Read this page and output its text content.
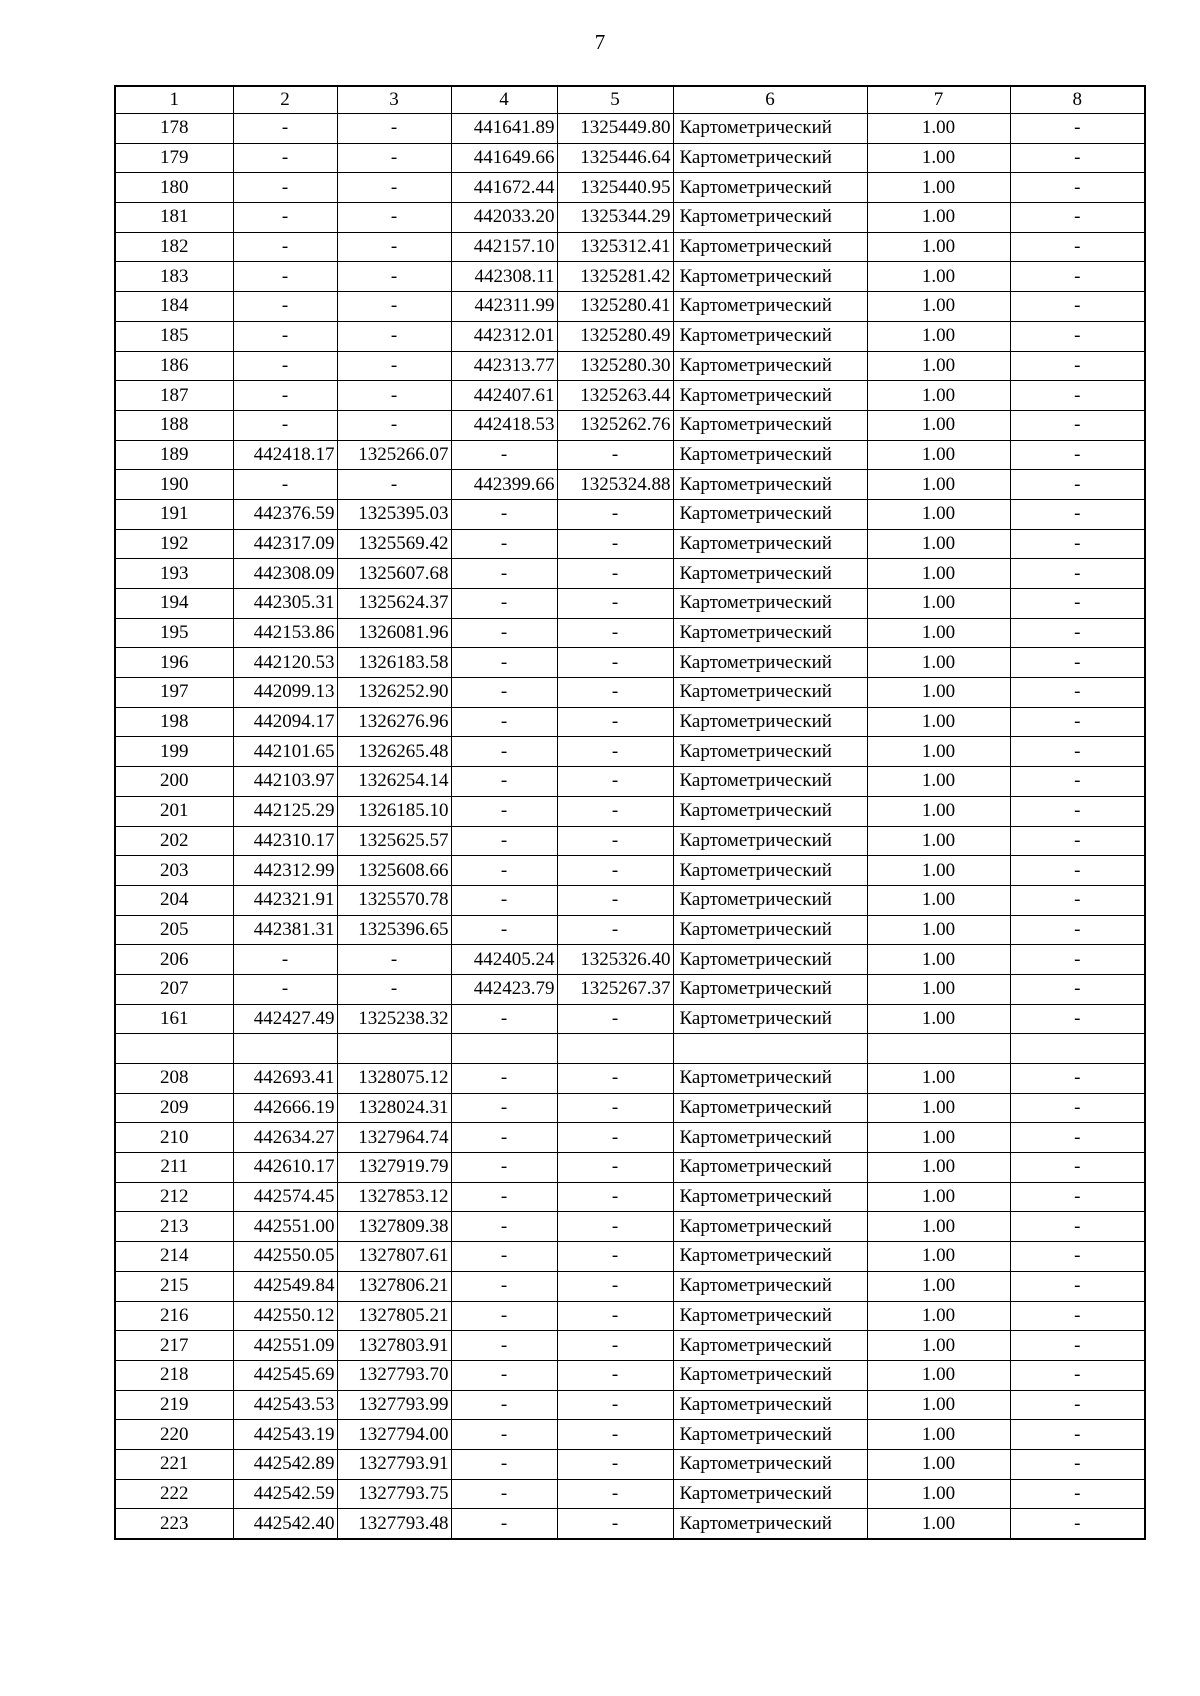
7
1	2	3	4	5	6	7	8
178	-	-	441641.89	1325449.80	Картометрический	1.00	-
179	-	-	441649.66	1325446.64	Картометрический	1.00	-
180	-	-	441672.44	1325440.95	Картометрический	1.00	-
181	-	-	442033.20	1325344.29	Картометрический	1.00	-
182	-	-	442157.10	1325312.41	Картометрический	1.00	-
183	-	-	442308.11	1325281.42	Картометрический	1.00	-
184	-	-	442311.99	1325280.41	Картометрический	1.00	-
185	-	-	442312.01	1325280.49	Картометрический	1.00	-
186	-	-	442313.77	1325280.30	Картометрический	1.00	-
187	-	-	442407.61	1325263.44	Картометрический	1.00	-
188	-	-	442418.53	1325262.76	Картометрический	1.00	-
189	442418.17	1325266.07	-	-	Картометрический	1.00	-
190	-	-	442399.66	1325324.88	Картометрический	1.00	-
191	442376.59	1325395.03	-	-	Картометрический	1.00	-
192	442317.09	1325569.42	-	-	Картометрический	1.00	-
193	442308.09	1325607.68	-	-	Картометрический	1.00	-
194	442305.31	1325624.37	-	-	Картометрический	1.00	-
195	442153.86	1326081.96	-	-	Картометрический	1.00	-
196	442120.53	1326183.58	-	-	Картометрический	1.00	-
197	442099.13	1326252.90	-	-	Картометрический	1.00	-
198	442094.17	1326276.96	-	-	Картометрический	1.00	-
199	442101.65	1326265.48	-	-	Картометрический	1.00	-
200	442103.97	1326254.14	-	-	Картометрический	1.00	-
201	442125.29	1326185.10	-	-	Картометрический	1.00	-
202	442310.17	1325625.57	-	-	Картометрический	1.00	-
203	442312.99	1325608.66	-	-	Картометрический	1.00	-
204	442321.91	1325570.78	-	-	Картометрический	1.00	-
205	442381.31	1325396.65	-	-	Картометрический	1.00	-
206	-	-	442405.24	1325326.40	Картометрический	1.00	-
207	-	-	442423.79	1325267.37	Картометрический	1.00	-
161	442427.49	1325238.32	-	-	Картометрический	1.00	-

208	442693.41	1328075.12	-	-	Картометрический	1.00	-
209	442666.19	1328024.31	-	-	Картометрический	1.00	-
210	442634.27	1327964.74	-	-	Картометрический	1.00	-
211	442610.17	1327919.79	-	-	Картометрический	1.00	-
212	442574.45	1327853.12	-	-	Картометрический	1.00	-
213	442551.00	1327809.38	-	-	Картометрический	1.00	-
214	442550.05	1327807.61	-	-	Картометрический	1.00	-
215	442549.84	1327806.21	-	-	Картометрический	1.00	-
216	442550.12	1327805.21	-	-	Картометрический	1.00	-
217	442551.09	1327803.91	-	-	Картометрический	1.00	-
218	442545.69	1327793.70	-	-	Картометрический	1.00	-
219	442543.53	1327793.99	-	-	Картометрический	1.00	-
220	442543.19	1327794.00	-	-	Картометрический	1.00	-
221	442542.89	1327793.91	-	-	Картометрический	1.00	-
222	442542.59	1327793.75	-	-	Картометрический	1.00	-
223	442542.40	1327793.48	-	-	Картометрический	1.00	-
